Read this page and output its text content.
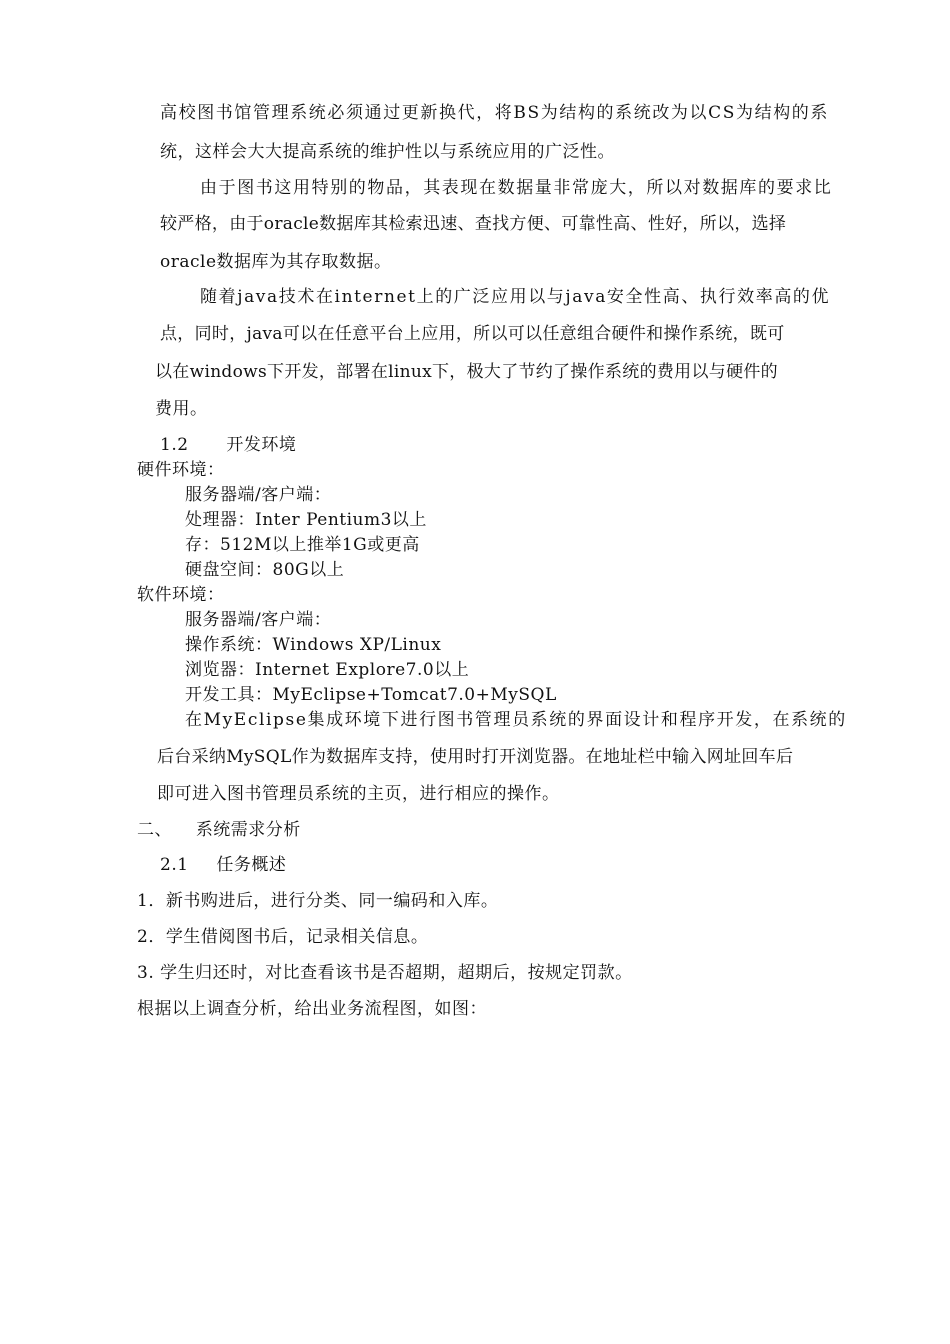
高校图书馆管理系统必须通过更新换代，将BS为结构的系统改为以CS为结构的系
统，这样会大大提高系统的维护性以与系统应用的广泛性。
由于图书这用特别的物品，其表现在数据量非常庞大，所以对数据库的要求比
较严格，由于oracle数据库其检索迅速、查找方便、可靠性高、性好，所以，选择
oracle数据库为其存取数据。
随着java技术在internet上的广泛应用以与java安全性高、执行效率高的优
点，同时，java可以在任意平台上应用，所以可以任意组合硬件和操作系统，既可
以在windows下开发，部署在linux下，极大了节约了操作系统的费用以与硬件的
费用。
1.2 开发环境
硬件环境：
服务器端/客户端：
处理器：Inter Pentium3以上
存：512M以上推举1G或更高
硬盘空间：80G以上
软件环境：
服务器端/客户端：
操作系统：Windows XP/Linux
浏览器：Internet Explore7.0以上
开发工具：MyEclipse+Tomcat7.0+MySQL
在MyEclipse集成环境下进行图书管理员系统的界面设计和程序开发，在系统的
后台采纳MySQL作为数据库支持，使用时打开浏览器。在地址栏中输入网址回车后
即可进入图书管理员系统的主页，进行相应的操作。
二、 系统需求分析
2.1 任务概述
1．新书购进后，进行分类、同一编码和入库。
2．学生借阅图书后，记录相关信息。
3. 学生归还时，对比查看该书是否超期，超期后，按规定罚款。
根据以上调查分析，给出业务流程图，如图：
